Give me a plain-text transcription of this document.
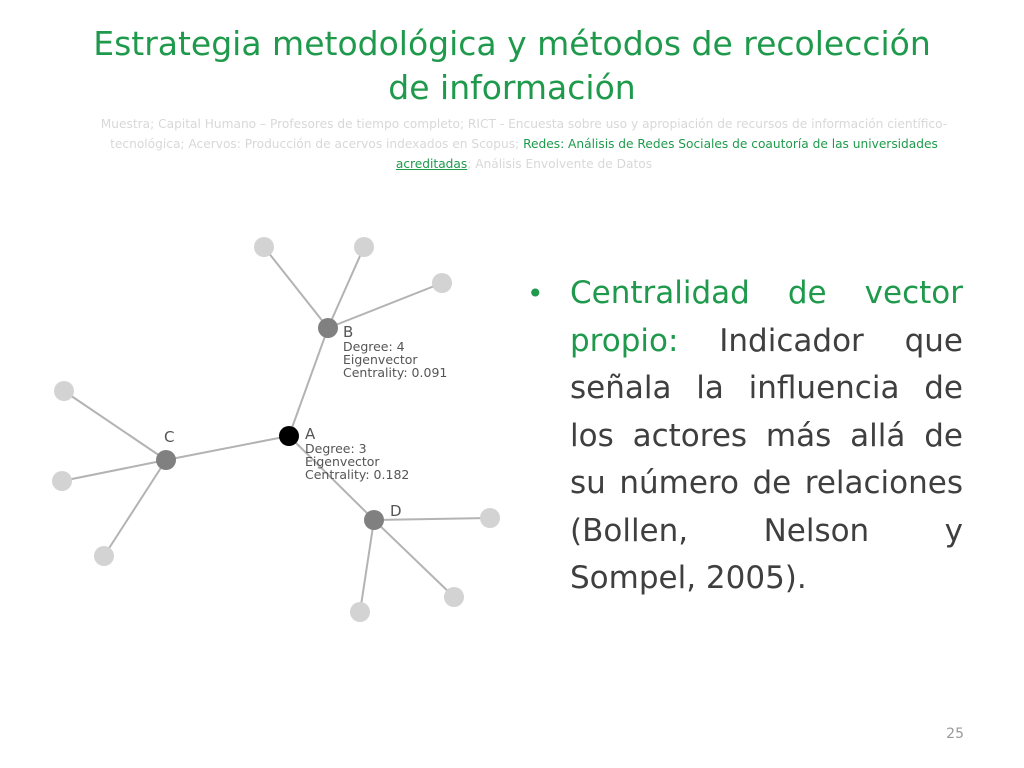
Estrategia metodológica y métodos de recolección de información
Muestra; Capital Humano – Profesores de tiempo completo; RICT - Encuesta sobre uso y apropiación de recursos de información científico-tecnológica; Acervos: Producción de acervos indexados en Scopus; Redes: Análisis de Redes Sociales de coautoría de las universidades acreditadas; Análisis Envolvente de Datos
B
Degree: 4
Eigenvector
Centrality: 0.091
C	A
Degree: 3
Eigenvector
Centrality: 0.182
D
• Centralidad de vector propio: Indicador que señala la influencia de los actores más allá de su número de relaciones (Bollen, Nelson y Sompel, 2005).
25
